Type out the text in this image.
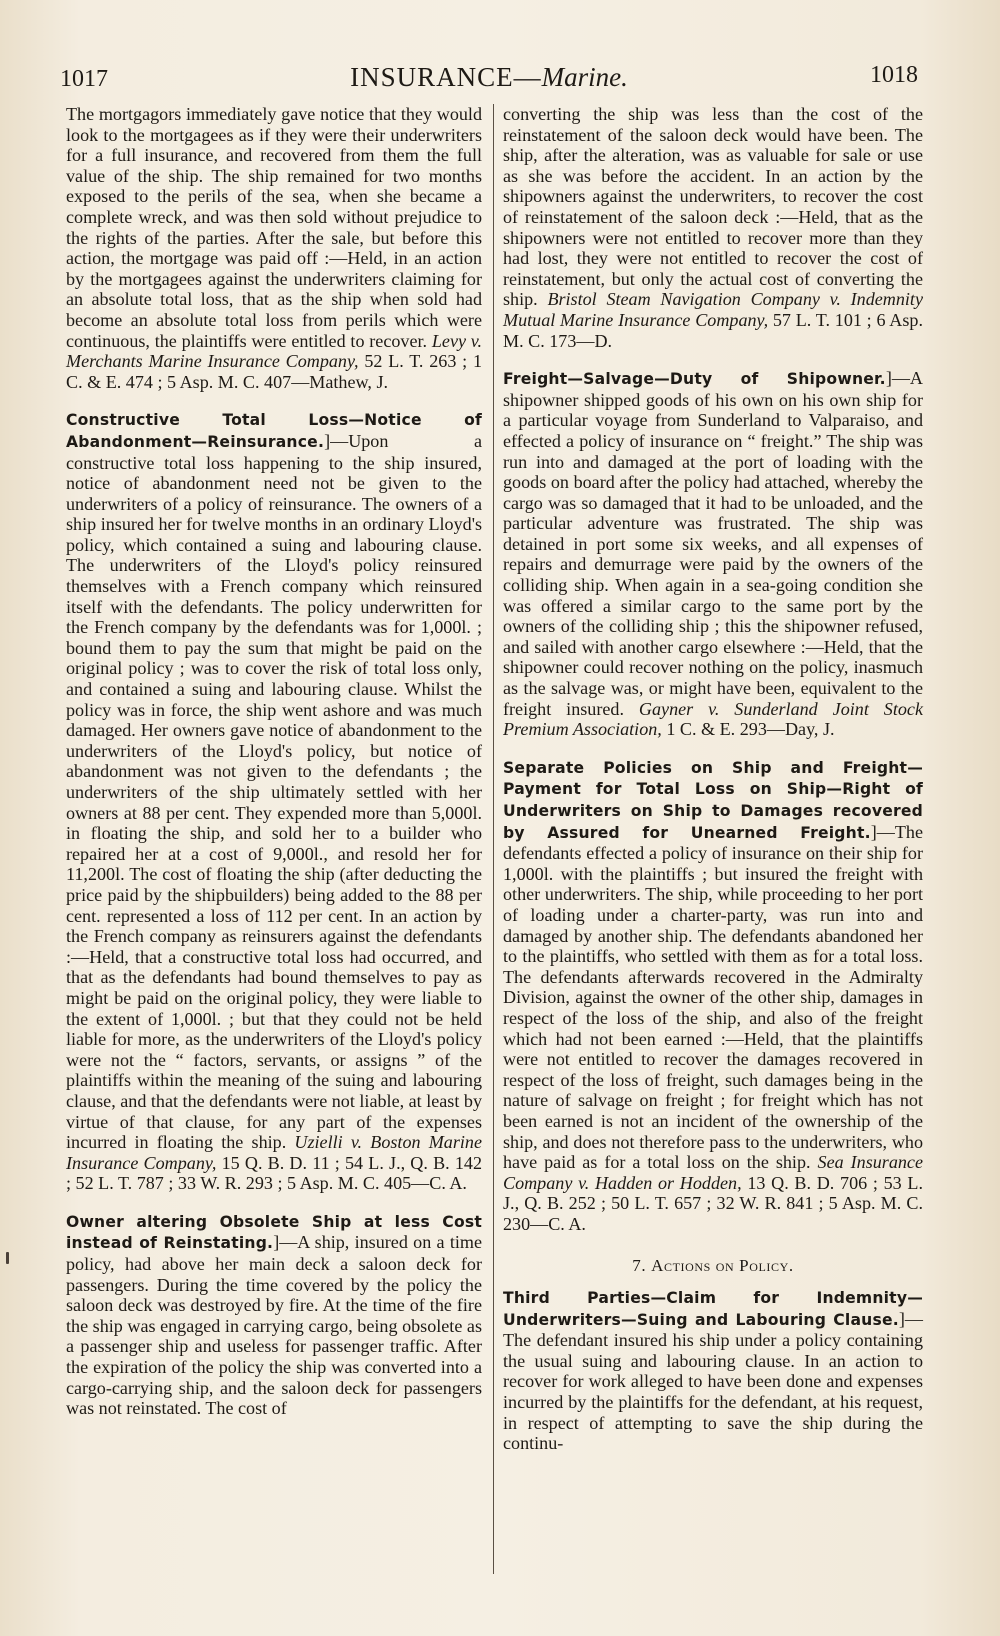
1017	INSURANCE—Marine.	1018

The mortgagors immediately gave notice that they would look to the mortgagees as if they were their underwriters for a full insurance, and recovered from them the full value of the ship. The ship remained for two months exposed to the perils of the sea, when she became a complete wreck, and was then sold without prejudice to the rights of the parties. After the sale, but before this action, the mortgage was paid off :—Held, in an action by the mortgagees against the underwriters claiming for an absolute total loss, that as the ship when sold had become an absolute total loss from perils which were continuous, the plaintiffs were entitled to recover. Levy v. Merchants Marine Insurance Company, 52 L. T. 263 ; 1 C. & E. 474 ; 5 Asp. M. C. 407—Mathew, J.

Constructive Total Loss—Notice of Abandonment—Reinsurance.]—Upon a constructive total loss happening to the ship insured, notice of abandonment need not be given to the underwriters of a policy of reinsurance. The owners of a ship insured her for twelve months in an ordinary Lloyd's policy, which contained a suing and labouring clause. The underwriters of the Lloyd's policy reinsured themselves with a French company which reinsured itself with the defendants. The policy underwritten for the French company by the defendants was for 1,000l. ; bound them to pay the sum that might be paid on the original policy ; was to cover the risk of total loss only, and contained a suing and labouring clause. Whilst the policy was in force, the ship went ashore and was much damaged. Her owners gave notice of abandonment to the underwriters of the Lloyd's policy, but notice of abandonment was not given to the defendants ; the underwriters of the ship ultimately settled with her owners at 88 per cent. They expended more than 5,000l. in floating the ship, and sold her to a builder who repaired her at a cost of 9,000l., and resold her for 11,200l. The cost of floating the ship (after deducting the price paid by the shipbuilders) being added to the 88 per cent. represented a loss of 112 per cent. In an action by the French company as reinsurers against the defendants :—Held, that a constructive total loss had occurred, and that as the defendants had bound themselves to pay as might be paid on the original policy, they were liable to the extent of 1,000l. ; but that they could not be held liable for more, as the underwriters of the Lloyd's policy were not the “ factors, servants, or assigns ” of the plaintiffs within the meaning of the suing and labouring clause, and that the defendants were not liable, at least by virtue of that clause, for any part of the expenses incurred in floating the ship. Uzielli v. Boston Marine Insurance Company, 15 Q. B. D. 11 ; 54 L. J., Q. B. 142 ; 52 L. T. 787 ; 33 W. R. 293 ; 5 Asp. M. C. 405—C. A.

Owner altering Obsolete Ship at less Cost instead of Reinstating.]—A ship, insured on a time policy, had above her main deck a saloon deck for passengers. During the time covered by the policy the saloon deck was destroyed by fire. At the time of the fire the ship was engaged in carrying cargo, being obsolete as a passenger ship and useless for passenger traffic. After the expiration of the policy the ship was converted into a cargo-carrying ship, and the saloon deck for passengers was not reinstated. The cost of

converting the ship was less than the cost of the reinstatement of the saloon deck would have been. The ship, after the alteration, was as valuable for sale or use as she was before the accident. In an action by the shipowners against the underwriters, to recover the cost of reinstatement of the saloon deck :—Held, that as the shipowners were not entitled to recover more than they had lost, they were not entitled to recover the cost of reinstatement, but only the actual cost of converting the ship. Bristol Steam Navigation Company v. Indemnity Mutual Marine Insurance Company, 57 L. T. 101 ; 6 Asp. M. C. 173—D.

Freight—Salvage—Duty of Shipowner.]—A shipowner shipped goods of his own on his own ship for a particular voyage from Sunderland to Valparaiso, and effected a policy of insurance on “ freight.” The ship was run into and damaged at the port of loading with the goods on board after the policy had attached, whereby the cargo was so damaged that it had to be unloaded, and the particular adventure was frustrated. The ship was detained in port some six weeks, and all expenses of repairs and demurrage were paid by the owners of the colliding ship. When again in a sea-going condition she was offered a similar cargo to the same port by the owners of the colliding ship ; this the shipowner refused, and sailed with another cargo elsewhere :—Held, that the shipowner could recover nothing on the policy, inasmuch as the salvage was, or might have been, equivalent to the freight insured. Gayner v. Sunderland Joint Stock Premium Association, 1 C. & E. 293—Day, J.

Separate Policies on Ship and Freight—Payment for Total Loss on Ship—Right of Underwriters on Ship to Damages recovered by Assured for Unearned Freight.]—The defendants effected a policy of insurance on their ship for 1,000l. with the plaintiffs ; but insured the freight with other underwriters. The ship, while proceeding to her port of loading under a charter-party, was run into and damaged by another ship. The defendants abandoned her to the plaintiffs, who settled with them as for a total loss. The defendants afterwards recovered in the Admiralty Division, against the owner of the other ship, damages in respect of the loss of the ship, and also of the freight which had not been earned :—Held, that the plaintiffs were not entitled to recover the damages recovered in respect of the loss of freight, such damages being in the nature of salvage on freight ; for freight which has not been earned is not an incident of the ownership of the ship, and does not therefore pass to the underwriters, who have paid as for a total loss on the ship. Sea Insurance Company v. Hadden or Hodden, 13 Q. B. D. 706 ; 53 L. J., Q. B. 252 ; 50 L. T. 657 ; 32 W. R. 841 ; 5 Asp. M. C. 230—C. A.

7. Actions on Policy.

Third Parties—Claim for Indemnity—Underwriters—Suing and Labouring Clause.]—The defendant insured his ship under a policy containing the usual suing and labouring clause. In an action to recover for work alleged to have been done and expenses incurred by the plaintiffs for the defendant, at his request, in respect of attempting to save the ship during the continu-
